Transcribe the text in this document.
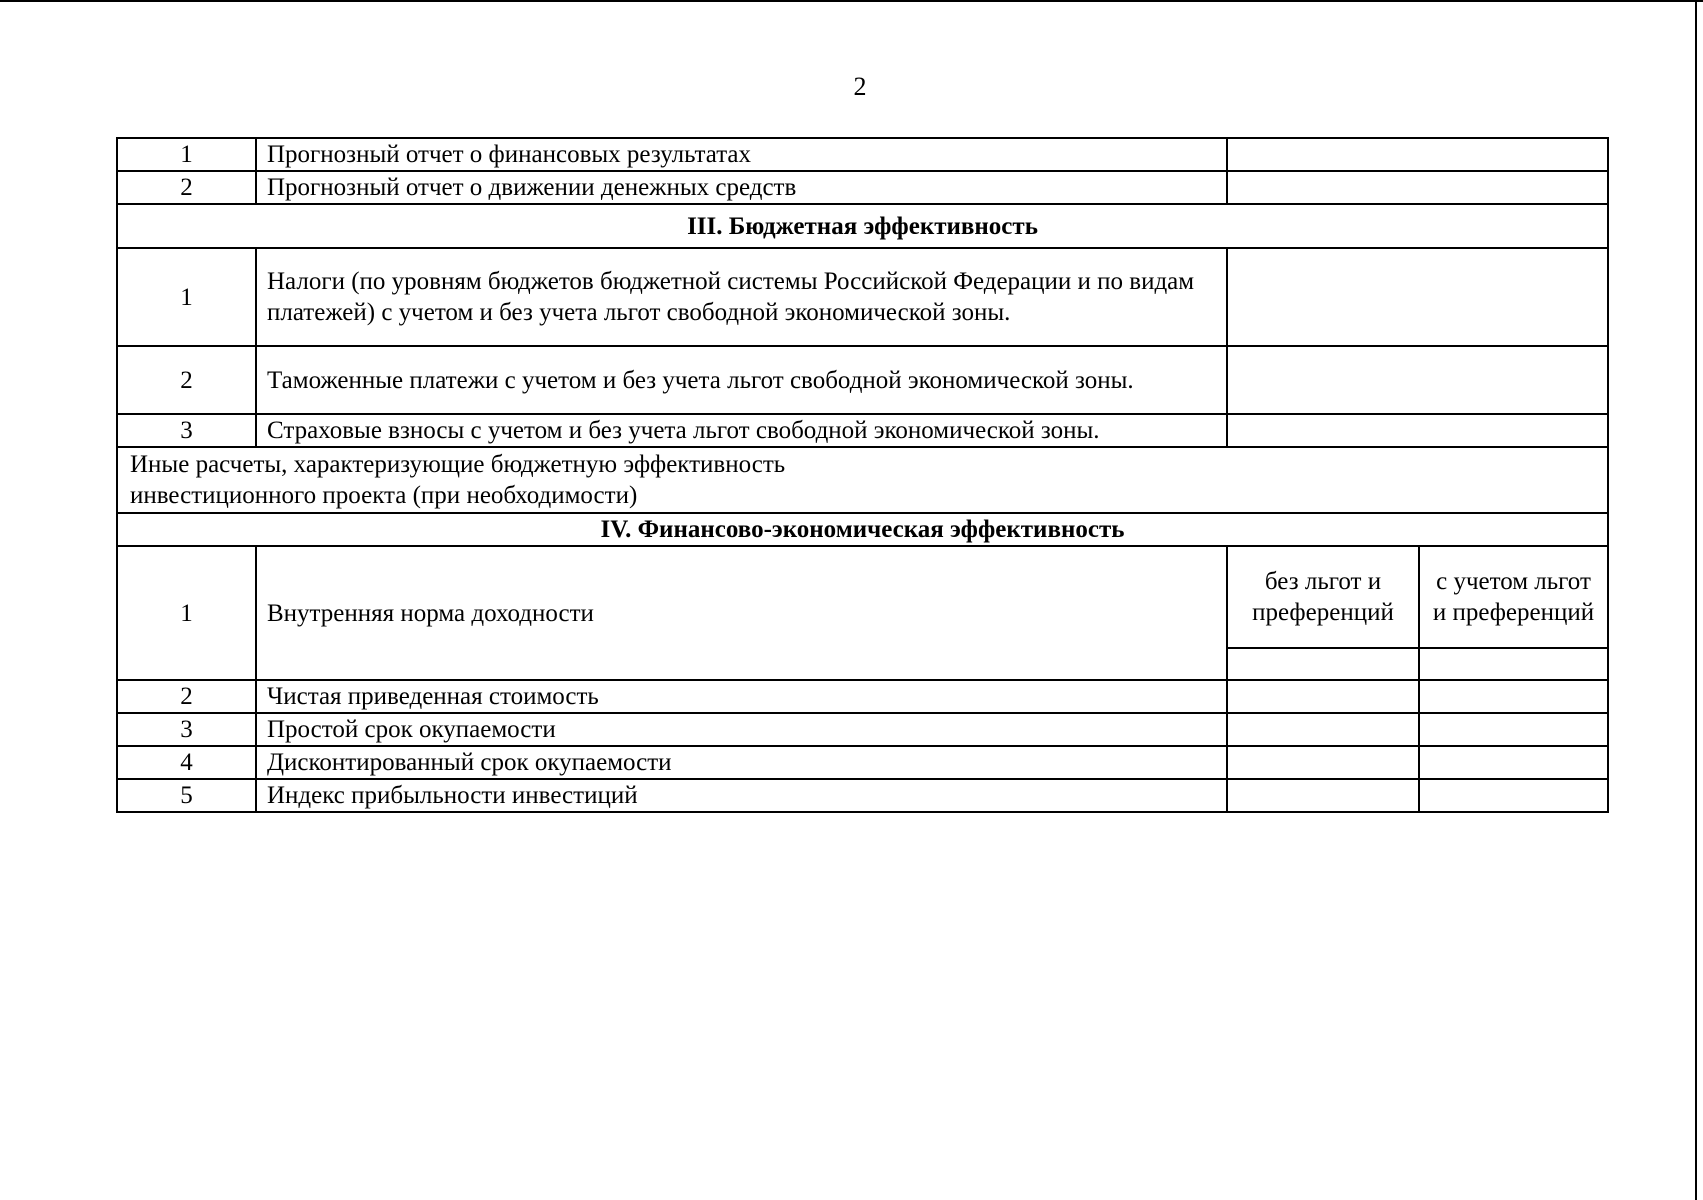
2
1	Прогнозный отчет о финансовых результатах		
2	Прогнозный отчет о движении денежных средств		
III. Бюджетная эффективность			
1	Налоги (по уровням бюджетов бюджетной системы Российской Федерации и по видам платежей) с учетом и без учета льгот свободной экономической зоны.		
2	Таможенные платежи с учетом и без учета льгот свободной экономической зоны.		
3	Страховые взносы с учетом и без учета льгот свободной экономической зоны.		

Иные расчеты, характеризующие бюджетную эффективность
инвестиционного проекта (при необходимости)			

IV. Финансово-экономическая эффективность			
1	Внутренняя норма доходности	без льгот и преференций	с учетом льгот и преференций

2	Чистая приведенная стоимость		
3	Простой срок окупаемости		
4	Дисконтированный срок окупаемости		
5	Индекс прибыльности инвестиций		
